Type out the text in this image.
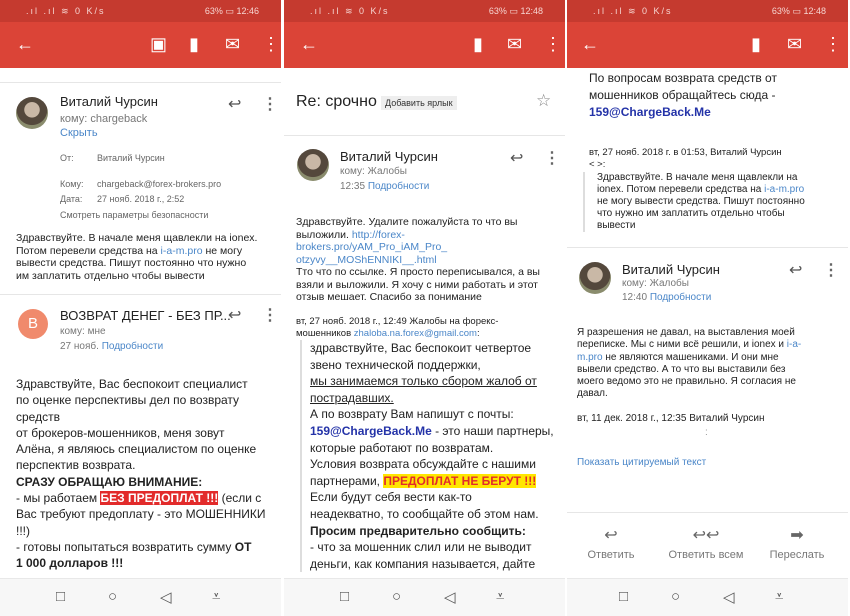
⁠.ıl .ıl ≋ 0 K/s	63% ▭ 12:46
←	▣ ▮ ✉ ⋮
Виталий Чурсин
кому: chargeback
Скрыть
↩ ⋮
От:	Виталий Чурсин
Кому: chargeback@forex-brokers.pro
Дата: 27 нояб. 2018 г., 2:52
Смотреть параметры безопасности
Здравствуйте. В начале меня щавлекли на ionex.
Потом перевели средства на i-a-m.pro не могу
вывести средства. Пишут постоянно что нужно
им заплатить отдельно чтобы вывести
B	ВОЗВРАТ ДЕНЕГ - БЕЗ ПР...
кому: мне
27 нояб. Подробности
↩ ⋮
Здравствуйте, Вас беспокоит специалист
по оценке перспективы дел по возврату
средств
от брокеров-мошенников, меня зовут
Алёна, я являюсь специалистом по оценке
перспектив возврата.
СРАЗУ ОБРАЩАЮ ВНИМАНИЕ:
- мы работаем БЕЗ ПРЕДОПЛАТ !!! (если с
Вас требуют предоплату - это МОШЕННИКИ
!!!)
- готовы попытаться возвратить сумму ОТ
1 000 долларов !!!
□	○	◁	⩡
.ıl .ıl ≋ 0 K/s	63% ▭ 12:48
←	▮ ✉ ⋮
Re: срочно Добавить ярлык	☆
Виталий Чурсин
кому: Жалобы
12:35 Подробности
↩ ⋮
Здравствуйте. Удалите пожалуйста то что вы
выложили. http://forex-
brokers.pro/yAM_Pro_iAM_Pro_
otzyvy__MOShENNIKI__.html
Тто что по ссылке. Я просто переписывался, а вы
взяли и выложили. Я хочу с ними работать и этот
отзыв мешает. Спасибо за понимание
вт, 27 нояб. 2018 г., 12:49 Жалобы на форекс-
мошенников zhaloba.na.forex@gmail.com:
здравствуйте, Вас беспокоит четвертое
звено технической поддержки,
мы занимаемся только сбором жалоб от
пострадавших.
А по возврату Вам напишут с почты:
159@ChargeBack.Me - это наши партнеры,
которые работают по возвратам.
Условия возврата обсуждайте с нашими
партнерами, ПРЕДОПЛАТ НЕ БЕРУТ !!!
Если будут себя вести как-то
неадекватно, то сообщайте об этом нам.
Просим предварительно сообщить:
- что за мошенник слил или не выводит
деньги, как компания называется, дайте
□	○	◁	⩡
.ıl .ıl ≋ 0 K/s	63% ▭ 12:48
←	▮ ✉ ⋮
По вопросам возврата средств от
мошенников обращайтесь сюда -
159@ChargeBack.Me
вт, 27 нояб. 2018 г. в 01:53, Виталий Чурсин
< >:
Здравствуйте. В начале меня щавлекли на
ionex. Потом перевели средства на i-a-m.pro
не могу вывести средства. Пишут постоянно
что нужно им заплатить отдельно чтобы
вывести
Виталий Чурсин
кому: Жалобы
12:40 Подробности
↩ ⋮
Я разрешения не давал, на выставления моей
переписке. Мы с ними всё решили, и ionex и i-a-
m.pro не являются машениками. И они мне
вывели средство. А то что вы выставили без
моего ведомо это не правильно. Я согласия не
давал.
вт, 11 дек. 2018 г., 12:35 Виталий Чурсин
:
Показать цитируемый текст
↩
Ответить
↩↩
Ответить всем
➡
Переслать
□	○	◁	⩡
